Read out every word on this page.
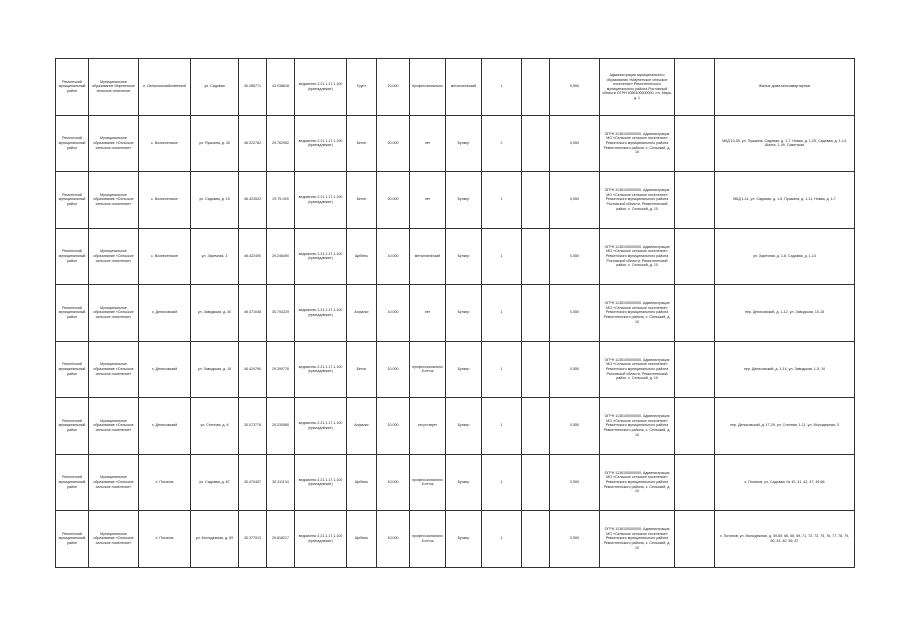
Ремонтский муниципальный район	Муниципальное образование Мирненское сельское поселение	п. Сельскохозяйственный	ул. Садовая	30.286771	43.038816	ведомство 2.21.1.17.1.100 (принадлежит)	Грунт	10.000	профессионально	металлический	1		0,550	Администрация муниципального образования «Мирненское сельское поселение» Ремонтненского муниципального района Ростовской области ОГРН 1056100000000, пл. Мира, д. 1		Жилые дома многоквартирные
Ремонтский муниципальный район	Муниципальное образование «Сельское сельское поселение»	с. Вознесенское	ул. Пушкина, д. 30	46.022782	29.762952	ведомство 2.21.1.17.1.100 (принадлежит)	Бетон	20.000	нет	Бункер	2		0,550	ОГРН 1136100000000, Администрация МО «Сельское сельское поселение» Ремонтского муниципального района Ремонтненского района, с. Сельский, д. 10		МКД 10-50, ул. Пушкина, Садовая, д. 1-7, Новая, д. 1-25, Садовая, д. 1-14, Шахта, 1-49, Советская
Ремонтский муниципальный район	Муниципальное образование «Сельское сельское поселение»	с. Вознесенское	ул. Садовая, д. 15	46.423522	29.75-049	ведомство 2.21.1.17.1.100 (принадлежит)	Бетон	20.000	нет	Бункер	1		0,550	ОГРН 1136100000000, Администрация МО «Сельское сельское поселение» Ремонтского муниципального района Ростовской области, Ремонтненский район, с. Сельский, д. 10		МКД 1-11, ул. Садовая, д. 1-5, Пушкина, д. 1-11, Новая, д. 1-7
Ремонтский муниципальный район	Муниципальное образование «Сельское сельское поселение»	с. Вознесенское	ул. Заречная, 3	46.422490	29.246490	ведомство 2.21.1.17.1.100 (принадлежит)	Щебень	10.000	металлический	Бункер	1		0,550	ОГРН 1136100000000, Администрация МО «Сельское сельское поселение» Ремонтского муниципального района Ростовской области, Ремонтненский район, с. Сельский, д. 10		ул. Заречная, д. 1-8, Садовая, д. 1-14
Ремонтский муниципальный район	Муниципальное образование «Сельское сельское поселение»	х. Денисовский	ул. Заводская, д. 40	46.471048	30.754229	ведомство 2.21.1.17.1.100 (принадлежит)	Асфальт	10.000	нет	Бункер	1		0,550	ОГРН 1136100000000, Администрация МО «Сельское сельское поселение» Ремонтского муниципального района Ремонтненского района, с. Сельский, д. 10		пер. Денисовский, д. 1-12, ул. Заводская, 10-15
Ремонтский муниципальный район	Муниципальное образование «Сельское сельское поселение»	х. Денисовский	ул. Заводская, д. 10	46.424790	29.399776	ведомство 2.21.1.17.1.100 (принадлежит)	Бетон	10.000	профессионально 8 сеток	Бункер	1		0,550	ОГРН 1136100000000, Администрация МО «Сельское сельское поселение» Ремонтского муниципального района Ростовской области, Ремонтненский район, с. Сельский, д. 10		пер. Денисовский, д. 1-14, ул. Заводская, 1-5, 10
Ремонтский муниципальный район	Муниципальное образование «Сельское сельское поселение»	х. Денисовский	ул. Степная, д. 6	30.073778	29.239580	ведомство 2.21.1.17.1.100 (принадлежит)	Асфальт	10.000	отсутствует	Бункер	1		0,550	ОГРН 1136100000000, Администрация МО «Сельское сельское поселение» Ремонтского муниципального района Ремонтненского района, с. Сельский, д. 10		пер. Денисовский, д. 17-29, ул. Степная, 1-11, ул. Молодежная, 3
Ремонтский муниципальный район	Муниципальное образование «Сельское сельское поселение»	х. Потапов	ул. Садовая, д. 67	30.470457	30.311134	ведомство 2.21.1.17.1.100 (принадлежит)	Щебень	10.000	профессионально 8 сеток	Бункер	1		0,550	ОГРН 1136100000000, Администрация МО «Сельское сельское поселение» Ремонтского муниципального района Ремонтненского района, с. Сельский, д. 10		х. Потапов, ул. Садовая, № 40, 41, 42, 47, 49-66
Ремонтский муниципальный район	Муниципальное образование «Сельское сельское поселение»	х. Потапов	ул. Молодежная, д. 69	30.377913	29.818217	ведомство 2.21.1.17.1.100 (принадлежит)	Щебень	10.000	профессионально 8 сеток	Бункер	1		0,550	ОГРН 1136100000000, Администрация МО «Сельское сельское поселение» Ремонтского муниципального района Ремонтненского района, с. Сельский, д. 10		х. Потапов, ул. Молодежная, д. 59-65, 66, 68, 69, 71, 72, 73, 75, 76, 77, 78, 79, 80, 81, 82, 85, 87
